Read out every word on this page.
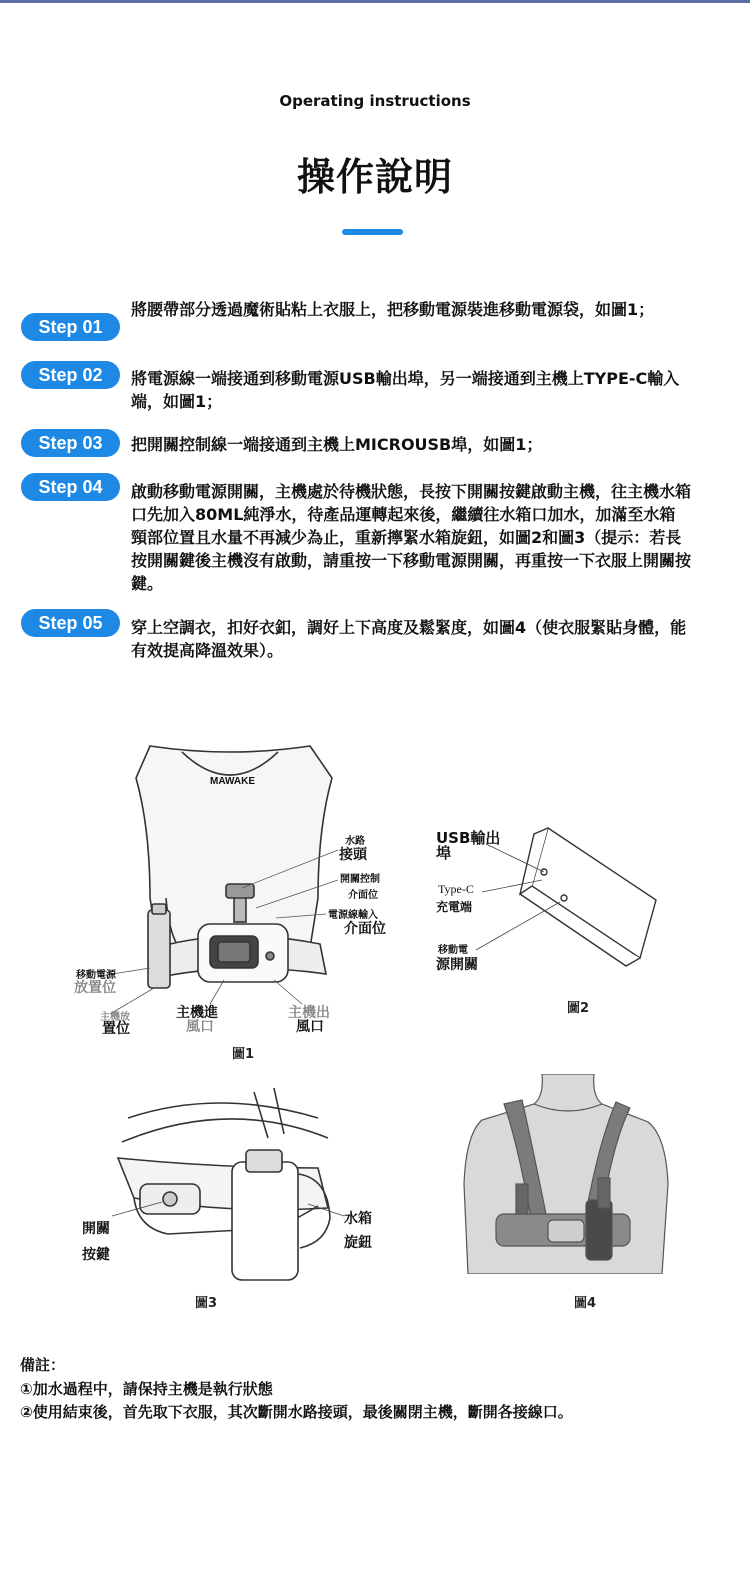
Operating instructions
操作說明
Step 01
將腰帶部分透過魔術貼粘上衣服上，把移動電源裝進移動電源袋，如圖1；
Step 02	將電源線一端接通到移動電源USB輸出埠，另一端接通到主機上TYPE-C輸入端，如圖1；
Step 03	把開關控制線一端接通到主機上MICROUSB埠，如圖1；
Step 04	啟動移動電源開關，主機處於待機狀態，長按下開關按鍵啟動主機，往主機水箱口先加入80ML純淨水，待產品運轉起來後，繼續往水箱口加水，加滿至水箱頸部位置且水量不再減少為止，重新擰緊水箱旋鈕，如圖2和圖3（提示：若長按開關鍵後主機沒有啟動，請重按一下移動電源開關，再重按一下衣服上開關按鍵。
Step 05	穿上空調衣，扣好衣釦，調好上下高度及鬆緊度，如圖4（使衣服緊貼身體，能有效提高降溫效果）。
MAWAKE
水路
接頭
開關控制
介面位
電源線輸入
介面位
移動電源
放置位
主機放
置位
主機進
風口
主機出
風口
圖1
USB輸出
埠
Type-C
充電端
移動電
源開關
圖2
開關
按鍵
水箱
旋鈕
圖3	圖4
備註：
①加水過程中，請保持主機是執行狀態
②使用結束後，首先取下衣服，其次斷開水路接頭，最後關閉主機，斷開各接線口。
